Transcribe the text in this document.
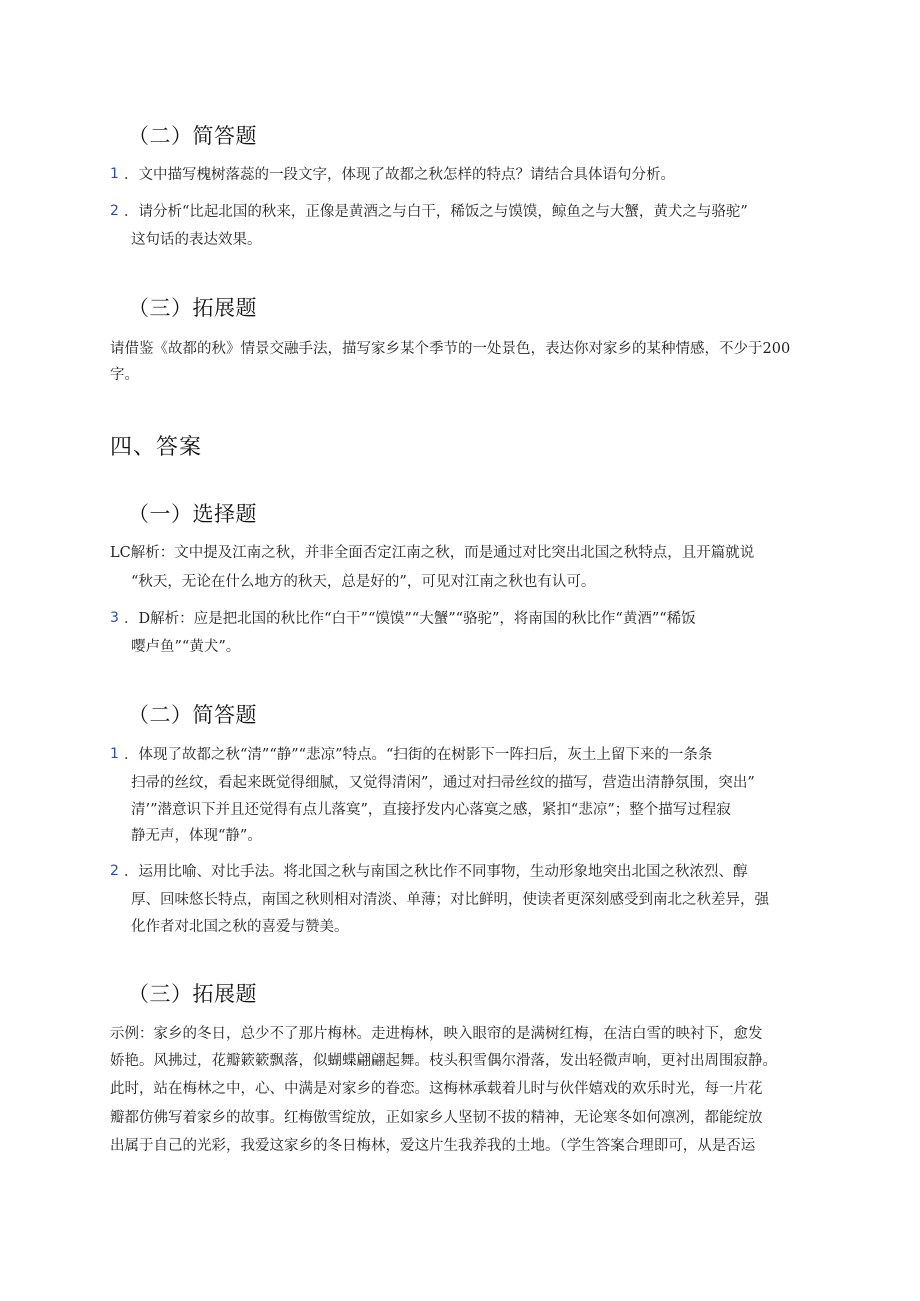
（二）简答题
1 ．文中描写槐树落蕊的一段文字，体现了故都之秋怎样的特点？请结合具体语句分析。
2 ．请分析“比起北国的秋来，正像是黄酒之与白干，稀饭之与馍馍，鲸鱼之与大蟹，黄犬之与骆驼”
这句话的表达效果。
（三）拓展题
请借鉴《故都的秋》情景交融手法，描写家乡某个季节的一处景色，表达你对家乡的某种情感，不少于200
字。
四、答案
（一）选择题
LC解析：文中提及江南之秋，并非全面否定江南之秋，而是通过对比突出北国之秋特点，且开篇就说
“秋天，无论在什么地方的秋天，总是好的”，可见对江南之秋也有认可。
3 ．D解析：应是把北国的秋比作“白干”“馍馍”“大蟹”“骆驼”，将南国的秋比作“黄酒”“稀饭
嘤卢鱼”“黄犬”。
（二）简答题
1 ．体现了故都之秋“清”“静”“悲凉”特点。“扫街的在树影下一阵扫后，灰土上留下来的一条条
扫帚的丝纹，看起来既觉得细腻，又觉得清闲”，通过对扫帚丝纹的描写，营造出清静氛围，突出”
清’”潜意识下并且还觉得有点儿落寞”，直接抒发内心落寞之感，紧扣“悲凉”；整个描写过程寂
静无声，体现“静”。
2 ．运用比喻、对比手法。将北国之秋与南国之秋比作不同事物，生动形象地突出北国之秋浓烈、醇
厚、回味悠长特点，南国之秋则相对清淡、单薄；对比鲜明，使读者更深刻感受到南北之秋差异，强
化作者对北国之秋的喜爱与赞美。
（三）拓展题
示例：家乡的冬日，总少不了那片梅林。走进梅林，映入眼帘的是满树红梅，在洁白雪的映衬下，愈发
娇艳。风拂过，花瓣簌簌飘落，似蝴蝶翩翩起舞。枝头积雪偶尔滑落，发出轻微声响，更衬出周围寂静。
此时，站在梅林之中，心、中满是对家乡的眷恋。这梅林承载着儿时与伙伴嬉戏的欢乐时光，每一片花
瓣都仿佛写着家乡的故事。红梅傲雪绽放，正如家乡人坚韧不拔的精神，无论寒冬如何凛冽，都能绽放
出属于自己的光彩，我爱这家乡的冬日梅林，爱这片生我养我的土地。（学生答案合理即可，从是否运
